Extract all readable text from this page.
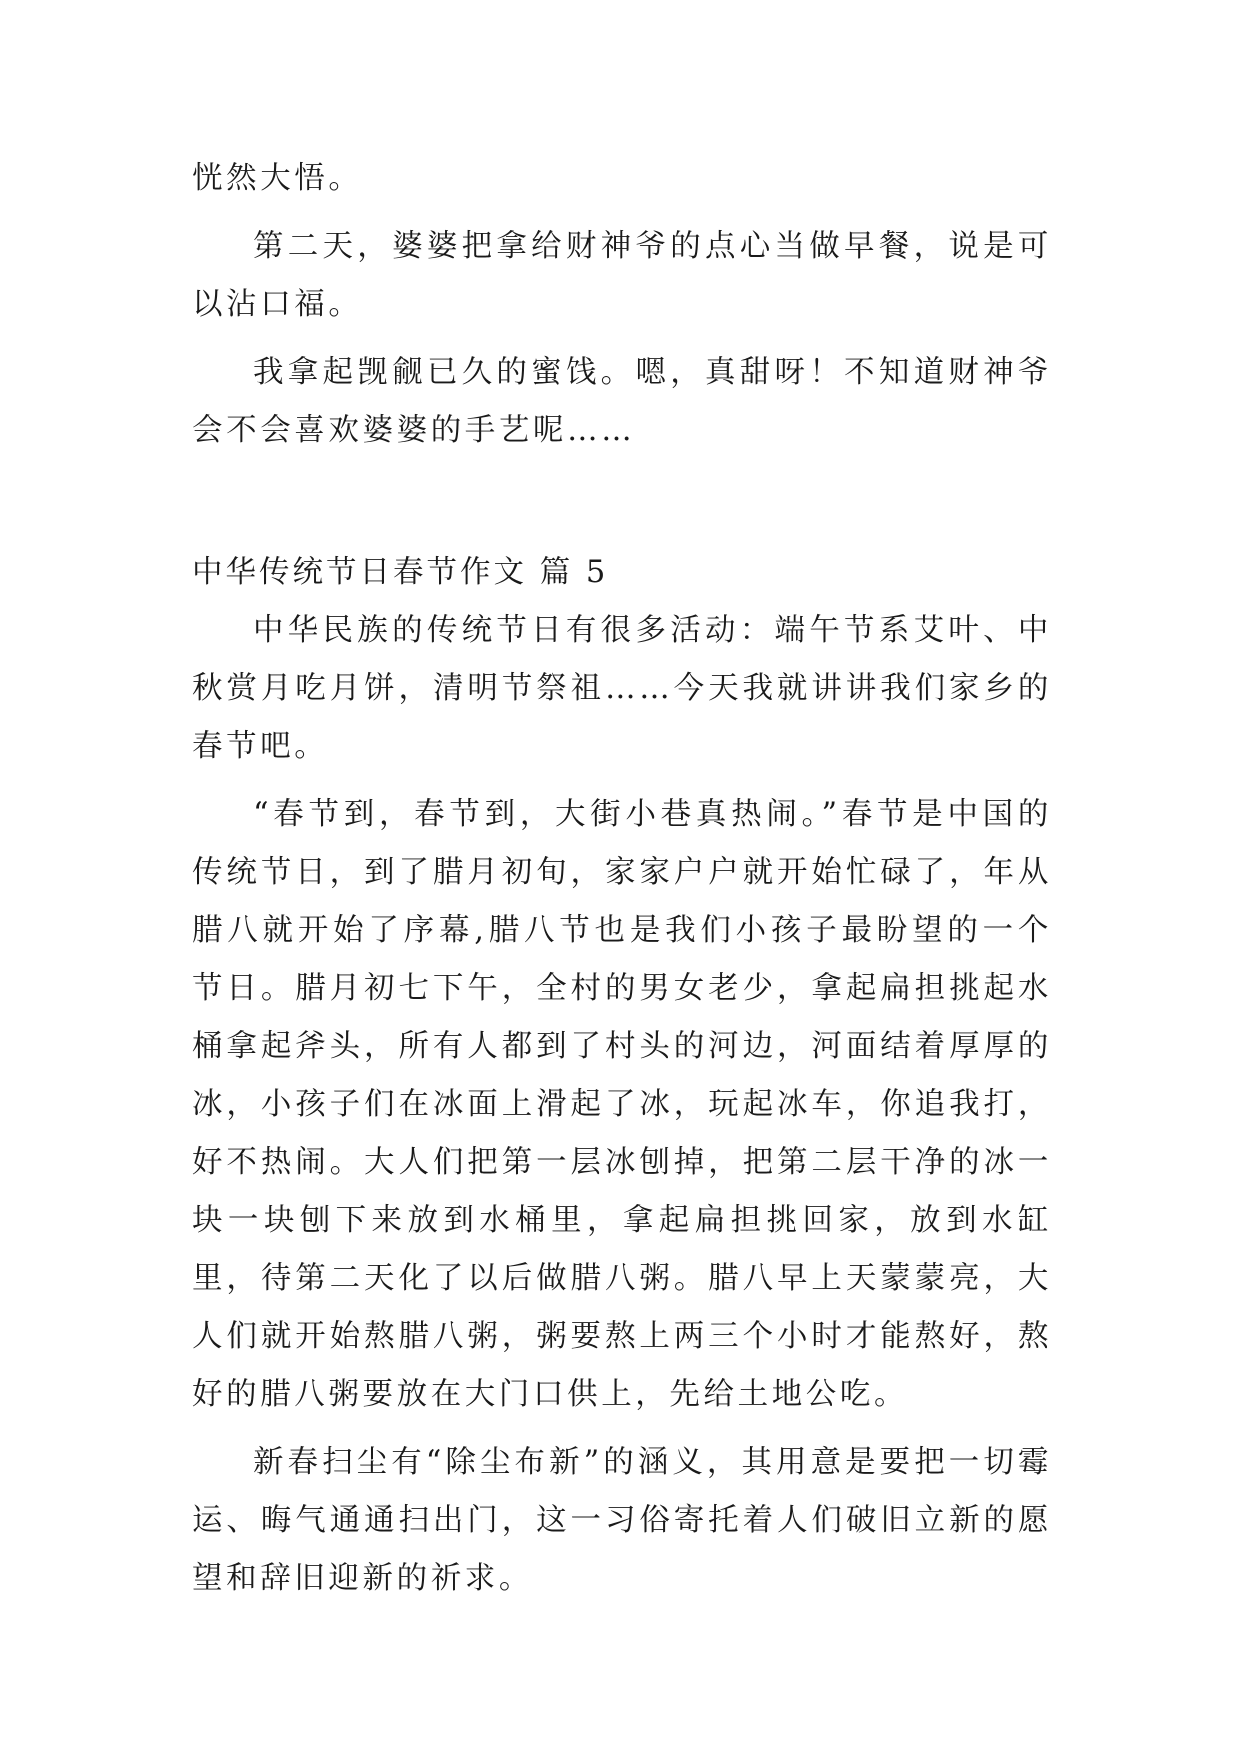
恍然大悟。

第二天，婆婆把拿给财神爷的点心当做早餐，说是可以沾口福。

我拿起觊觎已久的蜜饯。嗯，真甜呀！不知道财神爷会不会喜欢婆婆的手艺呢……

中华传统节日春节作文 篇 5

中华民族的传统节日有很多活动：端午节系艾叶、中秋赏月吃月饼，清明节祭祖……今天我就讲讲我们家乡的春节吧。

“春节到，春节到，大街小巷真热闹。”春节是中国的传统节日，到了腊月初旬，家家户户就开始忙碌了，年从腊八就开始了序幕,腊八节也是我们小孩子最盼望的一个节日。腊月初七下午，全村的男女老少，拿起扁担挑起水桶拿起斧头，所有人都到了村头的河边，河面结着厚厚的冰，小孩子们在冰面上滑起了冰，玩起冰车，你追我打，好不热闹。大人们把第一层冰刨掉，把第二层干净的冰一块一块刨下来放到水桶里，拿起扁担挑回家，放到水缸里，待第二天化了以后做腊八粥。腊八早上天蒙蒙亮，大人们就开始熬腊八粥，粥要熬上两三个小时才能熬好，熬好的腊八粥要放在大门口供上，先给土地公吃。

新春扫尘有“除尘布新”的涵义，其用意是要把一切霉运、晦气通通扫出门，这一习俗寄托着人们破旧立新的愿望和辞旧迎新的祈求。
